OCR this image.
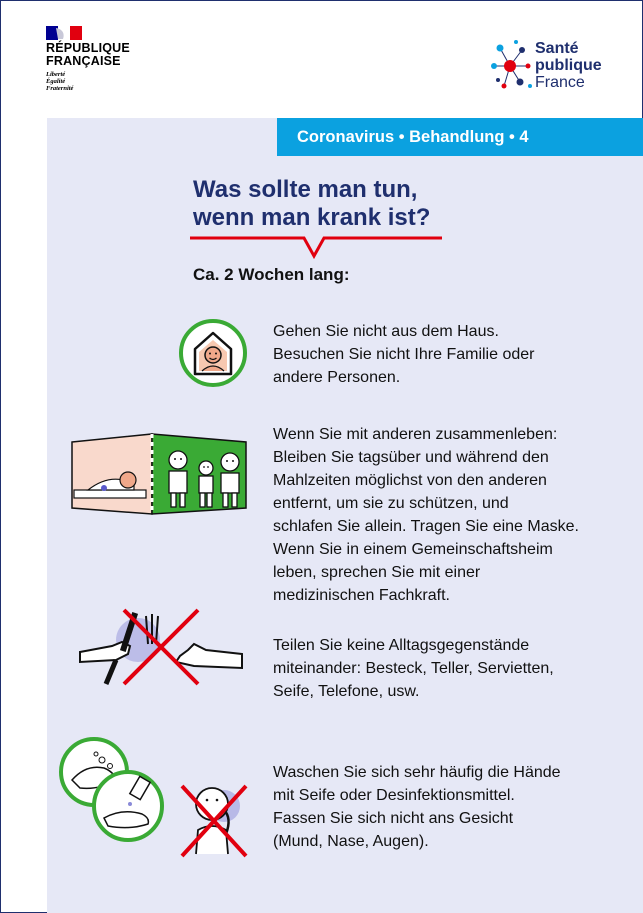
RÉPUBLIQUE
FRANÇAISE
Liberté
Égalité
Fraternité
Santé
publique
France
Coronavirus • Behandlung • 4
Was sollte man tun,
wenn man krank ist?
Ca. 2 Wochen lang:
Gehen Sie nicht aus dem Haus.
Besuchen Sie nicht Ihre Familie oder
andere Personen.
Wenn Sie mit anderen zusammenleben:
Bleiben Sie tagsüber und während den
Mahlzeiten möglichst von den anderen
entfernt, um sie zu schützen, und
schlafen Sie allein. Tragen Sie eine Maske.
Wenn Sie in einem Gemeinschaftsheim
leben, sprechen Sie mit einer
medizinischen Fachkraft.
Teilen Sie keine Alltagsgegenstände
miteinander: Besteck, Teller, Servietten,
Seife, Telefone, usw.
Waschen Sie sich sehr häufig die Hände
mit Seife oder Desinfektionsmittel.
Fassen Sie sich nicht ans Gesicht
(Mund, Nase, Augen).
